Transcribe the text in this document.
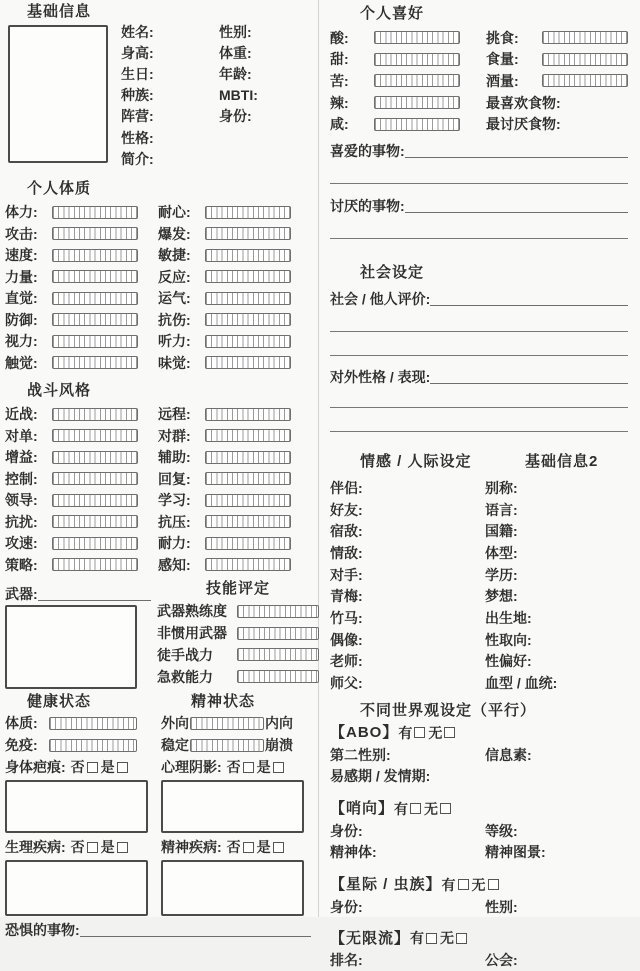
基础信息
姓名:	性别:
身高:	体重:
生日:	年龄:
种族:	MBTI:
阵营:	身份:
性格:
简介:
个人体质
体力:	耐心:
攻击:	爆发:
速度:	敏捷:
力量:	反应:
直觉:	运气:
防御:	抗伤:
视力:	听力:
触觉:	味觉:
战斗风格
近战:	远程:
对单:	对群:
增益:	辅助:
控制:	回复:
领导:	学习:
抗扰:	抗压:
攻速:	耐力:
策略:	感知:
武器:	技能评定
武器熟练度
非惯用武器
徒手战力
急救能力
健康状态
体质:
免疫:
身体疤痕: 否 是
生理疾病: 否 是
精神状态
外向	内向
稳定	崩溃
心理阴影: 否 是
精神疾病: 否 是
恐惧的事物:
个人喜好
酸:	挑食:
甜:	食量:
苦:	酒量:
辣:	最喜欢食物:
咸:	最讨厌食物:
喜爱的事物:
讨厌的事物:
社会设定
社会 / 他人评价:
对外性格 / 表现:
情感 / 人际设定	基础信息2
伴侣:	别称:
好友:	语言:
宿敌:	国籍:
情敌:	体型:
对手:	学历:
青梅:	梦想:
竹马:	出生地:
偶像:	性取向:
老师:	性偏好:
师父:	血型 / 血统:
不同世界观设定（平行）
【ABO】 有 无
第二性别:	信息素:
易感期 / 发情期:
【哨向】 有 无
身份:	等级:
精神体:	精神图景:
【星际 / 虫族】 有 无
身份:	性别:
【无限流】 有 无
排名:	公会:
